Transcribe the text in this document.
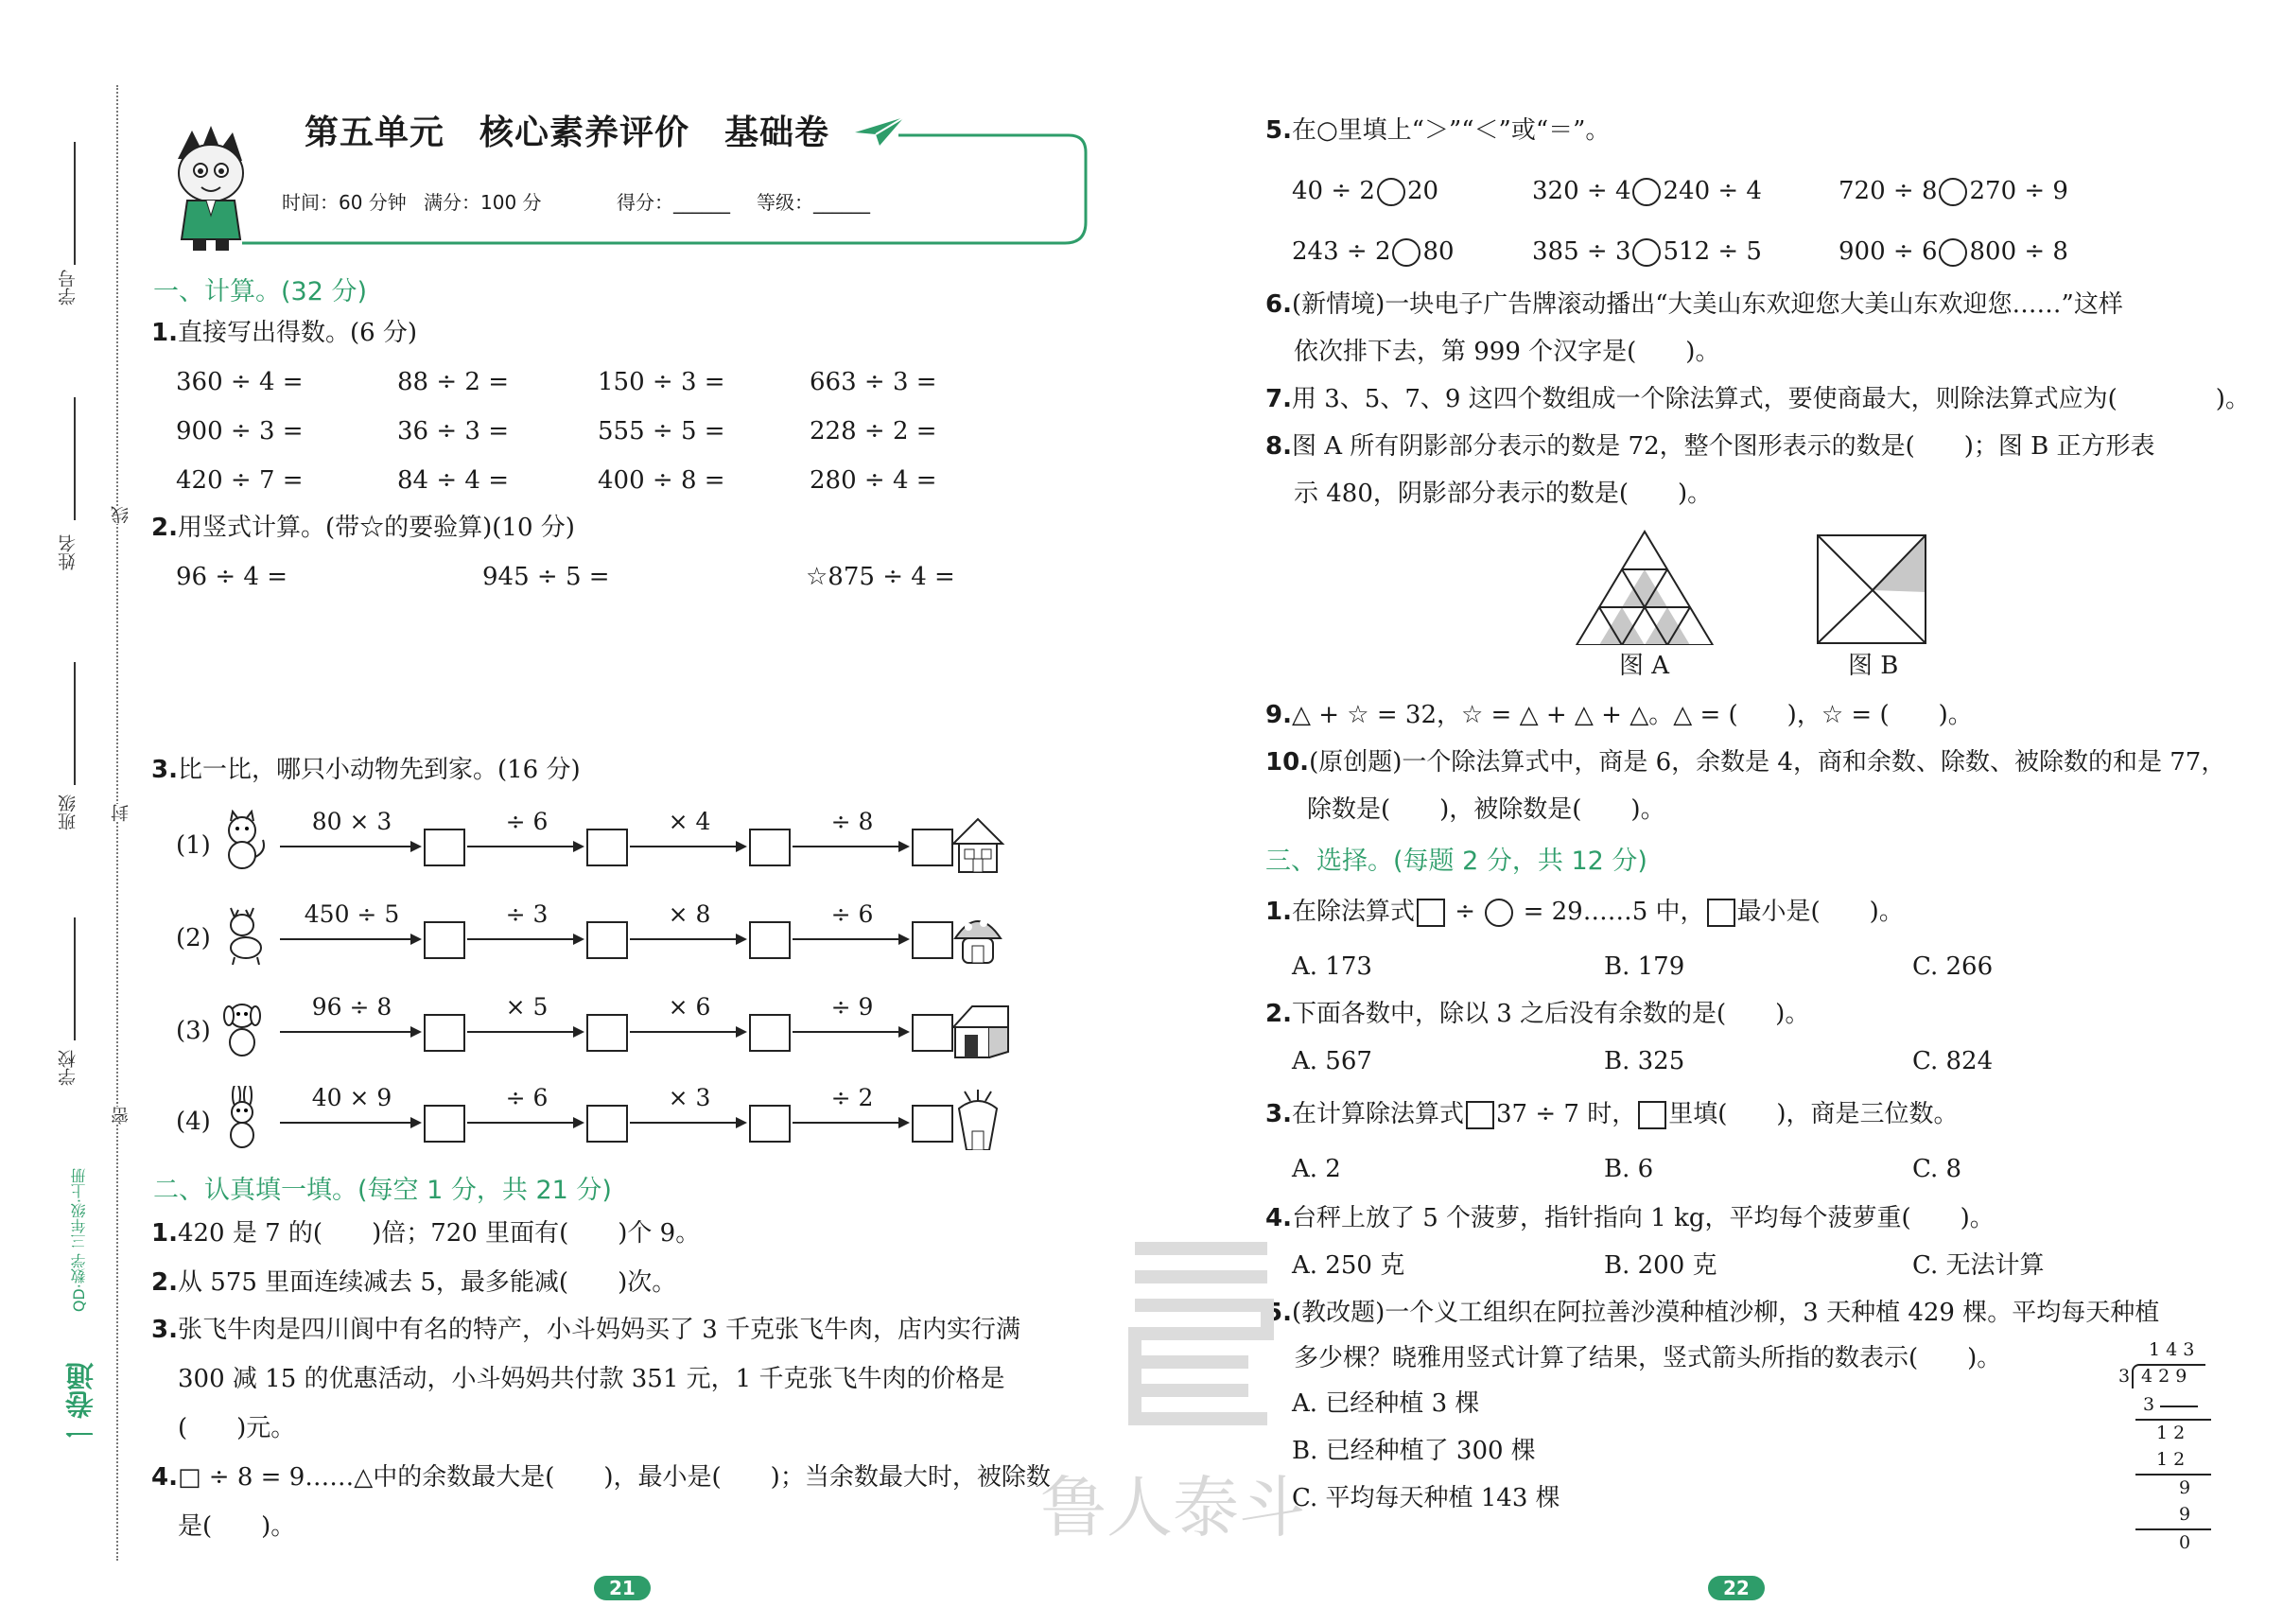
学号
姓名
班级
学校
线
封
密
一卷通
QD·数学 三年级·上册
第五单元　核心素养评价　基础卷
时间：60 分钟 满分：100 分	得分：______ 等级：______
一、计算。(32 分)
1.直接写出得数。(6 分)
360 ÷ 4 =	88 ÷ 2 =	150 ÷ 3 =	663 ÷ 3 =
900 ÷ 3 =	36 ÷ 3 =	555 ÷ 5 =	228 ÷ 2 =
420 ÷ 7 =	84 ÷ 4 =	400 ÷ 8 =	280 ÷ 4 =
2.用竖式计算。(带☆的要验算)(10 分)
96 ÷ 4 =	945 ÷ 5 =	☆875 ÷ 4 =
3.比一比，哪只小动物先到家。(16 分)
(1)
80 × 3	÷ 6	× 4	÷ 8
(2)
450 ÷ 5	÷ 3	× 8	÷ 6
(3)
96 ÷ 8	× 5	× 6	÷ 9
(4)
40 × 9	÷ 6	× 3	÷ 2
二、认真填一填。(每空 1 分，共 21 分)
1.420 是 7 的(　　)倍；720 里面有(　　)个 9。
2.从 575 里面连续减去 5，最多能减(　　)次。
3.张飞牛肉是四川阆中有名的特产，小斗妈妈买了 3 千克张飞牛肉，店内实行满
300 减 15 的优惠活动，小斗妈妈共付款 351 元，1 千克张飞牛肉的价格是
(　　)元。
4.□ ÷ 8 = 9……△中的余数最大是(　　)，最小是(　　)；当余数最大时，被除数
是(　　)。
21
5.在○里填上“＞”“＜”或“＝”。
40 ÷ 2 20	320 ÷ 4 240 ÷ 4	720 ÷ 8 270 ÷ 9
243 ÷ 2 80	385 ÷ 3 512 ÷ 5	900 ÷ 6 800 ÷ 8
6.(新情境)一块电子广告牌滚动播出“大美山东欢迎您大美山东欢迎您……”这样
依次排下去，第 999 个汉字是(　　)。
7.用 3、5、7、9 这四个数组成一个除法算式，要使商最大，则除法算式应为(　　　　)。
8.图 A 所有阴影部分表示的数是 72，整个图形表示的数是(　　)；图 B 正方形表
示 480，阴影部分表示的数是(　　)。
图 A	图 B
9.△ + ☆ = 32，☆ = △ + △ + △。△ = (　　)，☆ = (　　)。
10.(原创题)一个除法算式中，商是 6，余数是 4，商和余数、除数、被除数的和是 77，
除数是(　　)，被除数是(　　)。
三、选择。(每题 2 分，共 12 分)
1.在除法算式 ÷ = 29……5 中， 最小是(　　)。
A. 173	B. 179	C. 266
2.下面各数中，除以 3 之后没有余数的是(　　)。
A. 567	B. 325	C. 824
3.在计算除法算式 37 ÷ 7 时， 里填(　　)，商是三位数。
A. 2	B. 6	C. 8
4.台秤上放了 5 个菠萝，指针指向 1 kg，平均每个菠萝重(　　)。
A. 250 克	B. 200 克	C. 无法计算
5.(教改题)一个义工组织在阿拉善沙漠种植沙柳，3 天种植 429 棵。平均每天种植
多少棵？晓雅用竖式计算了结果，竖式箭头所指的数表示(　　)。
A. 已经种植 3 棵
B. 已经种植了 300 棵
C. 平均每天种植 143 棵
1 4 3
3 4 2 9
3
1 2
1 2
9
9
0
22
鲁人泰斗
